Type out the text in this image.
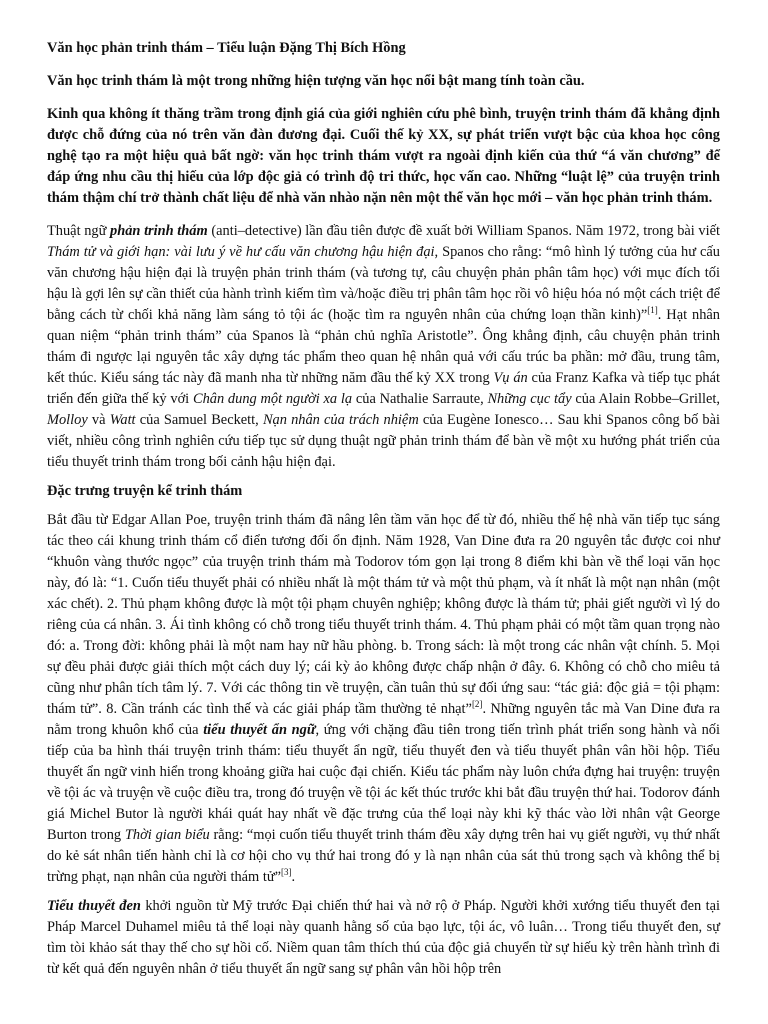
Văn học phản trinh thám – Tiểu luận Đặng Thị Bích Hồng

Văn học trinh thám là một trong những hiện tượng văn học nổi bật mang tính toàn cầu.

Kinh qua không ít thăng trầm trong định giá của giới nghiên cứu phê bình, truyện trinh thám đã khẳng định được chỗ đứng của nó trên văn đàn đương đại. Cuối thế kỷ XX, sự phát triển vượt bậc của khoa học công nghệ tạo ra một hiệu quả bất ngờ: văn học trinh thám vượt ra ngoài định kiến của thứ “á văn chương” để đáp ứng nhu cầu thị hiếu của lớp độc giả có trình độ tri thức, học vấn cao. Những “luật lệ” của truyện trinh thám thậm chí trở thành chất liệu để nhà văn nhào nặn nên một thể văn học mới – văn học phản trinh thám.

Thuật ngữ phản trinh thám (anti–detective) lần đầu tiên được đề xuất bởi William Spanos. Năm 1972, trong bài viết Thám tử và giới hạn: vài lưu ý về hư cấu văn chương hậu hiện đại, Spanos cho rằng: “mô hình lý tưởng của hư cấu văn chương hậu hiện đại là truyện phản trinh thám (và tương tự, câu chuyện phản phân tâm học) với mục đích tối hậu là gợi lên sự cần thiết của hành trình kiếm tìm và/hoặc điều trị phân tâm học rồi vô hiệu hóa nó một cách triệt để bằng cách từ chối khả năng làm sáng tỏ tội ác (hoặc tìm ra nguyên nhân của chứng loạn thần kinh)”[1]. Hạt nhân quan niệm “phản trinh thám” của Spanos là “phản chủ nghĩa Aristotle”. Ông khẳng định, câu chuyện phản trinh thám đi ngược lại nguyên tắc xây dựng tác phẩm theo quan hệ nhân quả với cấu trúc ba phần: mở đầu, trung tâm, kết thúc. Kiểu sáng tác này đã manh nha từ những năm đầu thế kỷ XX trong Vụ án của Franz Kafka và tiếp tục phát triển đến giữa thế kỷ với Chân dung một người xa lạ của Nathalie Sarraute, Những cục tẩy của Alain Robbe–Grillet, Molloy và Watt của Samuel Beckett, Nạn nhân của trách nhiệm của Eugène Ionesco… Sau khi Spanos công bố bài viết, nhiều công trình nghiên cứu tiếp tục sử dụng thuật ngữ phản trinh thám để bàn về một xu hướng phát triển của tiểu thuyết trinh thám trong bối cảnh hậu hiện đại.

Đặc trưng truyện kể trinh thám

Bắt đầu từ Edgar Allan Poe, truyện trinh thám đã nâng lên tầm văn học để từ đó, nhiều thế hệ nhà văn tiếp tục sáng tác theo cái khung trinh thám cổ điển tương đối ổn định. Năm 1928, Van Dine đưa ra 20 nguyên tắc được coi như “khuôn vàng thước ngọc” của truyện trinh thám mà Todorov tóm gọn lại trong 8 điểm khi bàn về thể loại văn học này, đó là: “1. Cuốn tiểu thuyết phải có nhiều nhất là một thám tử và một thủ phạm, và ít nhất là một nạn nhân (một xác chết). 2. Thủ phạm không được là một tội phạm chuyên nghiệp; không được là thám tử; phải giết người vì lý do riêng của cá nhân. 3. Ái tình không có chỗ trong tiểu thuyết trinh thám. 4. Thủ phạm phải có một tầm quan trọng nào đó: a. Trong đời: không phải là một nam hay nữ hầu phòng. b. Trong sách: là một trong các nhân vật chính. 5. Mọi sự đều phải được giải thích một cách duy lý; cái kỳ ảo không được chấp nhận ở đây. 6. Không có chỗ cho miêu tả cũng như phân tích tâm lý. 7. Với các thông tin về truyện, cần tuân thủ sự đối ứng sau: “tác giả: độc giả = tội phạm: thám tử”. 8. Cần tránh các tình thế và các giải pháp tầm thường tẻ nhạt”[2]. Những nguyên tắc mà Van Dine đưa ra nằm trong khuôn khổ của tiểu thuyết ẩn ngữ, ứng với chặng đầu tiên trong tiến trình phát triển song hành và nối tiếp của ba hình thái truyện trinh thám: tiểu thuyết ẩn ngữ, tiểu thuyết đen và tiểu thuyết phân vân hồi hộp. Tiểu thuyết ẩn ngữ vinh hiển trong khoảng giữa hai cuộc đại chiến. Kiểu tác phẩm này luôn chứa đựng hai truyện: truyện về tội ác và truyện về cuộc điều tra, trong đó truyện về tội ác kết thúc trước khi bắt đầu truyện thứ hai. Todorov đánh giá Michel Butor là người khái quát hay nhất về đặc trưng của thể loại này khi kỹ thác vào lời nhân vật George Burton trong Thời gian biểu rằng: “mọi cuốn tiểu thuyết trinh thám đều xây dựng trên hai vụ giết người, vụ thứ nhất do kẻ sát nhân tiến hành chỉ là cơ hội cho vụ thứ hai trong đó y là nạn nhân của sát thủ trong sạch và không thể bị trừng phạt, nạn nhân của người thám tử”[3].

Tiểu thuyết đen khởi nguồn từ Mỹ trước Đại chiến thứ hai và nở rộ ở Pháp. Người khởi xướng tiểu thuyết đen tại Pháp Marcel Duhamel miêu tả thể loại này quanh hằng số của bạo lực, tội ác, vô luân… Trong tiểu thuyết đen, sự tìm tòi khảo sát thay thế cho sự hồi cố. Niềm quan tâm thích thú của độc giả chuyển từ sự hiếu kỳ trên hành trình đi từ kết quả đến nguyên nhân ở tiểu thuyết ẩn ngữ sang sự phân vân hồi hộp trên
